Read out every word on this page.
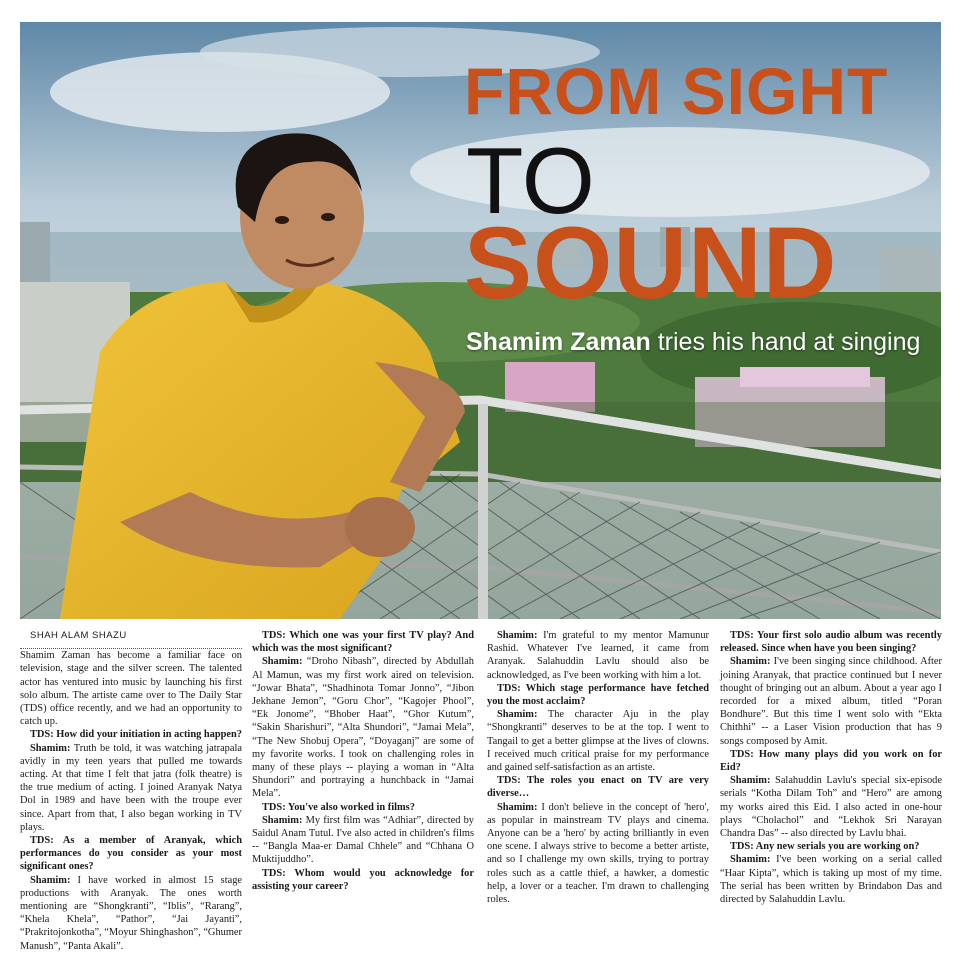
FROM SIGHT
TO
SOUND
Shamim Zaman tries his hand at singing

SHAH ALAM SHAZU

Shamim Zaman has become a familiar face on television, stage and the silver screen. The talented actor has ventured into music by launching his first solo album. The artiste came over to The Daily Star (TDS) office recently, and we had an opportunity to catch up.

TDS: How did your initiation in acting happen?

Shamim: Truth be told, it was watching jatrapala avidly in my teen years that pulled me towards acting. At that time I felt that jatra (folk theatre) is the true medium of acting. I joined Aranyak Natya Dol in 1989 and have been with the troupe ever since. Apart from that, I also began working in TV plays.

TDS: As a member of Aranyak, which performances do you consider as your most significant ones?

Shamim: I have worked in almost 15 stage productions with Aranyak. The ones worth mentioning are “Shongkranti”, “Iblis”, “Rarang”, “Khela Khela”, “Pathor”, “Jai Jayanti”, “Prakritojonkotha”, “Moyur Shinghashon”, “Ghumer Manush”, “Panta Akali”.

TDS: Which one was your first TV play? And which was the most significant?

Shamim: “Droho Nibash”, directed by Abdullah Al Mamun, was my first work aired on television. “Jowar Bhata”, “Shadhinota Tomar Jonno”, “Jibon Jekhane Jemon”, “Goru Chor”, “Kagojer Phool”, “Ek Jonome”, “Bhober Haat”, “Ghor Kutum”, “Sakin Sharishuri”, “Alta Shundori”, “Jamai Mela”, “The New Shobuj Opera”, “Doyaganj” are some of my favorite works. I took on challenging roles in many of these plays -- playing a woman in “Alta Shundori” and portraying a hunchback in “Jamai Mela”.

TDS: You've also worked in films?

Shamim: My first film was “Adhiar”, directed by Saidul Anam Tutul. I've also acted in children's films -- “Bangla Maa-er Damal Chhele” and “Chhana O Muktijuddho”.

TDS: Whom would you acknowledge for assisting your career?

Shamim: I'm grateful to my mentor Mamunur Rashid. Whatever I've learned, it came from Aranyak. Salahuddin Lavlu should also be acknowledged, as I've been working with him a lot.

TDS: Which stage performance have fetched you the most acclaim?

Shamim: The character Aju in the play “Shongkranti” deserves to be at the top. I went to Tangail to get a better glimpse at the lives of clowns. I received much critical praise for my performance and gained self-satisfaction as an artiste.

TDS: The roles you enact on TV are very diverse…

Shamim: I don't believe in the concept of 'hero', as popular in mainstream TV plays and cinema. Anyone can be a 'hero' by acting brilliantly in even one scene. I always strive to become a better artiste, and so I challenge my own skills, trying to portray roles such as a cattle thief, a hawker, a domestic help, a lover or a teacher. I'm drawn to challenging roles.

TDS: Your first solo audio album was recently released. Since when have you been singing?

Shamim: I've been singing since childhood. After joining Aranyak, that practice continued but I never thought of bringing out an album. About a year ago I recorded for a mixed album, titled “Poran Bondhure”. But this time I went solo with “Ekta Chithhi” -- a Laser Vision production that has 9 songs composed by Amit.

TDS: How many plays did you work on for Eid?

Shamim: Salahuddin Lavlu's special six-episode serials “Kotha Dilam Toh” and “Hero” are among my works aired this Eid. I also acted in one-hour plays “Cholachol” and “Lekhok Sri Narayan Chandra Das” -- also directed by Lavlu bhai.

TDS: Any new serials you are working on?

Shamim: I've been working on a serial called “Haar Kipta”, which is taking up most of my time. The serial has been written by Brindabon Das and directed by Salahuddin Lavlu.
